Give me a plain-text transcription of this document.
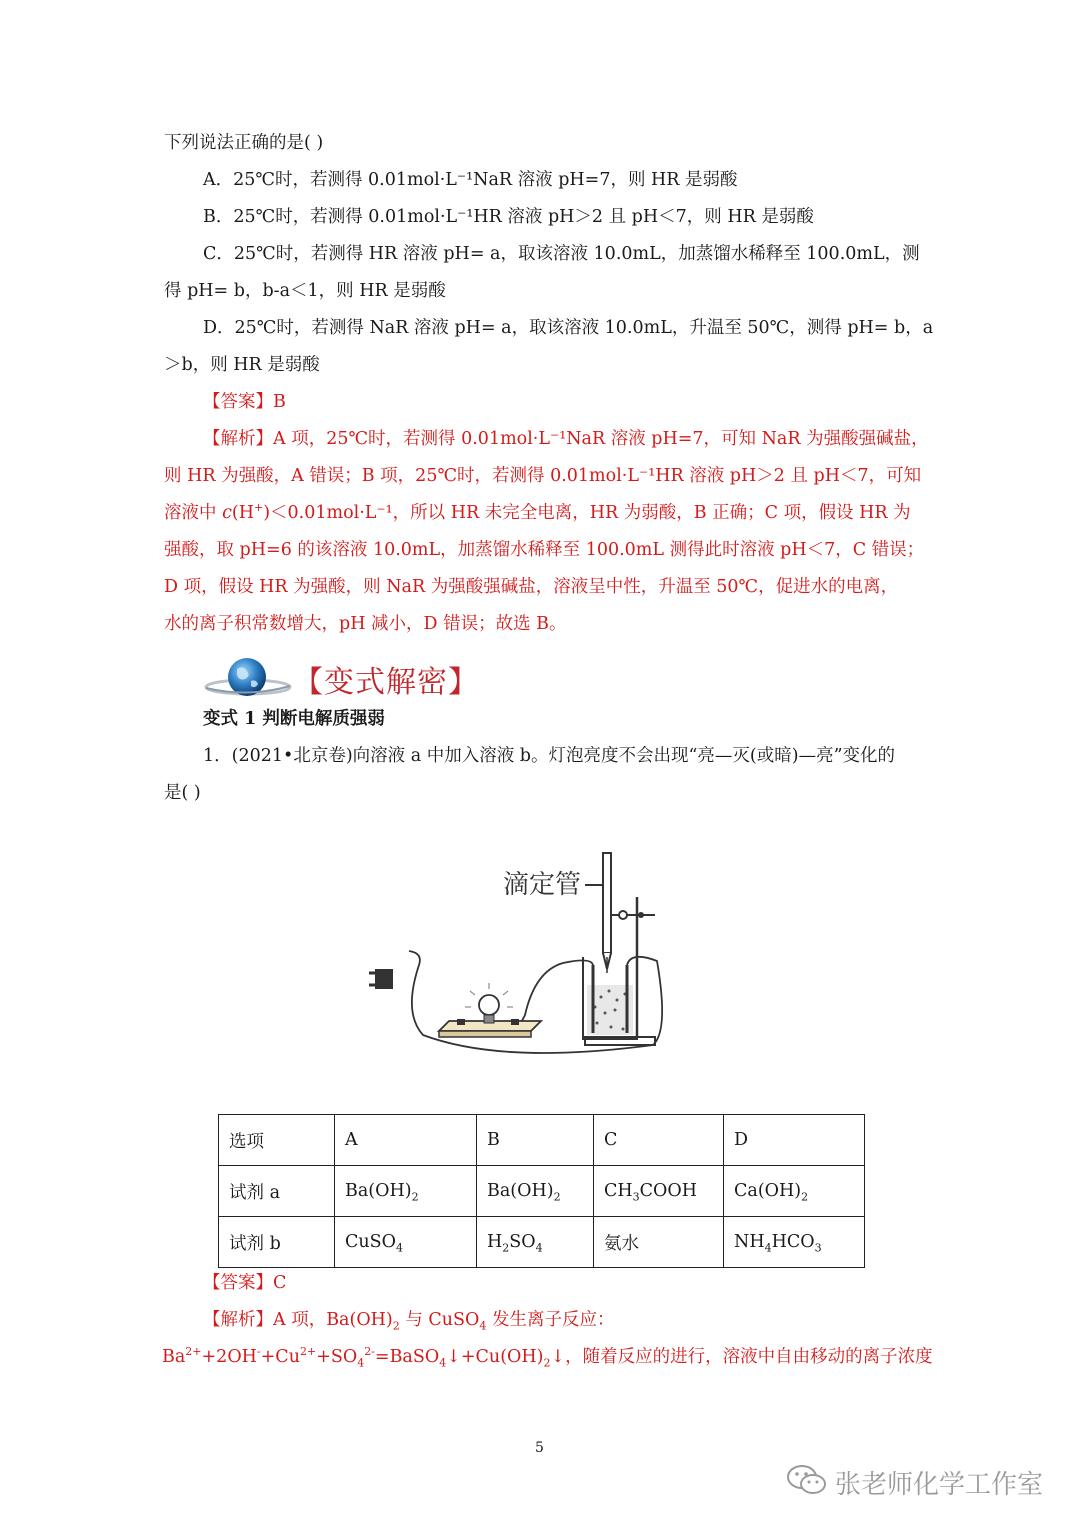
下列说法正确的是( )
A．25℃时，若测得 0.01mol·L⁻¹NaR 溶液 pH=7，则 HR 是弱酸
B．25℃时，若测得 0.01mol·L⁻¹HR 溶液 pH＞2 且 pH＜7，则 HR 是弱酸
C．25℃时，若测得 HR 溶液 pH= a，取该溶液 10.0mL，加蒸馏水稀释至 100.0mL，测
得 pH= b，b-a＜1，则 HR 是弱酸
D．25℃时，若测得 NaR 溶液 pH= a，取该溶液 10.0mL，升温至 50℃，测得 pH= b，a
＞b，则 HR 是弱酸
【答案】B
【解析】A 项，25℃时，若测得 0.01mol·L⁻¹NaR 溶液 pH=7，可知 NaR 为强酸强碱盐，
则 HR 为强酸，A 错误；B 项，25℃时，若测得 0.01mol·L⁻¹HR 溶液 pH＞2 且 pH＜7，可知
溶液中 c(H+)＜0.01mol·L⁻¹，所以 HR 未完全电离，HR 为弱酸，B 正确；C 项，假设 HR 为
强酸，取 pH=6 的该溶液 10.0mL，加蒸馏水稀释至 100.0mL 测得此时溶液 pH＜7，C 错误；
D 项，假设 HR 为强酸，则 NaR 为强酸强碱盐，溶液呈中性，升温至 50℃，促进水的电离，
水的离子积常数增大，pH 减小，D 错误；故选 B。
【变式解密】
变式 1 判断电解质强弱
1．(2021•北京卷)向溶液 a 中加入溶液 b。灯泡亮度不会出现“亮—灭(或暗)—亮”变化的
是( )
滴定管
选项	A	B	C	D
试剂 a	$Ba(OH)_2$	$Ba(OH)_2$	$CH_3COOH$	$Ca(OH)_2$
试剂 b	CuSO$_4$	$H_2SO_4$	氨水	$NH_4HCO_3$
【答案】C
【解析】A 项，$Ba(OH)_2$ 与 CuSO$_4$ 发生离子反应：
$Ba^{2+}+2OH^-+Cu^{2+}+SO_4^{2-}=BaSO_4↓+Cu(OH)_2↓$，随着反应的进行，溶液中自由移动的离子浓度
5
张老师化学工作室
